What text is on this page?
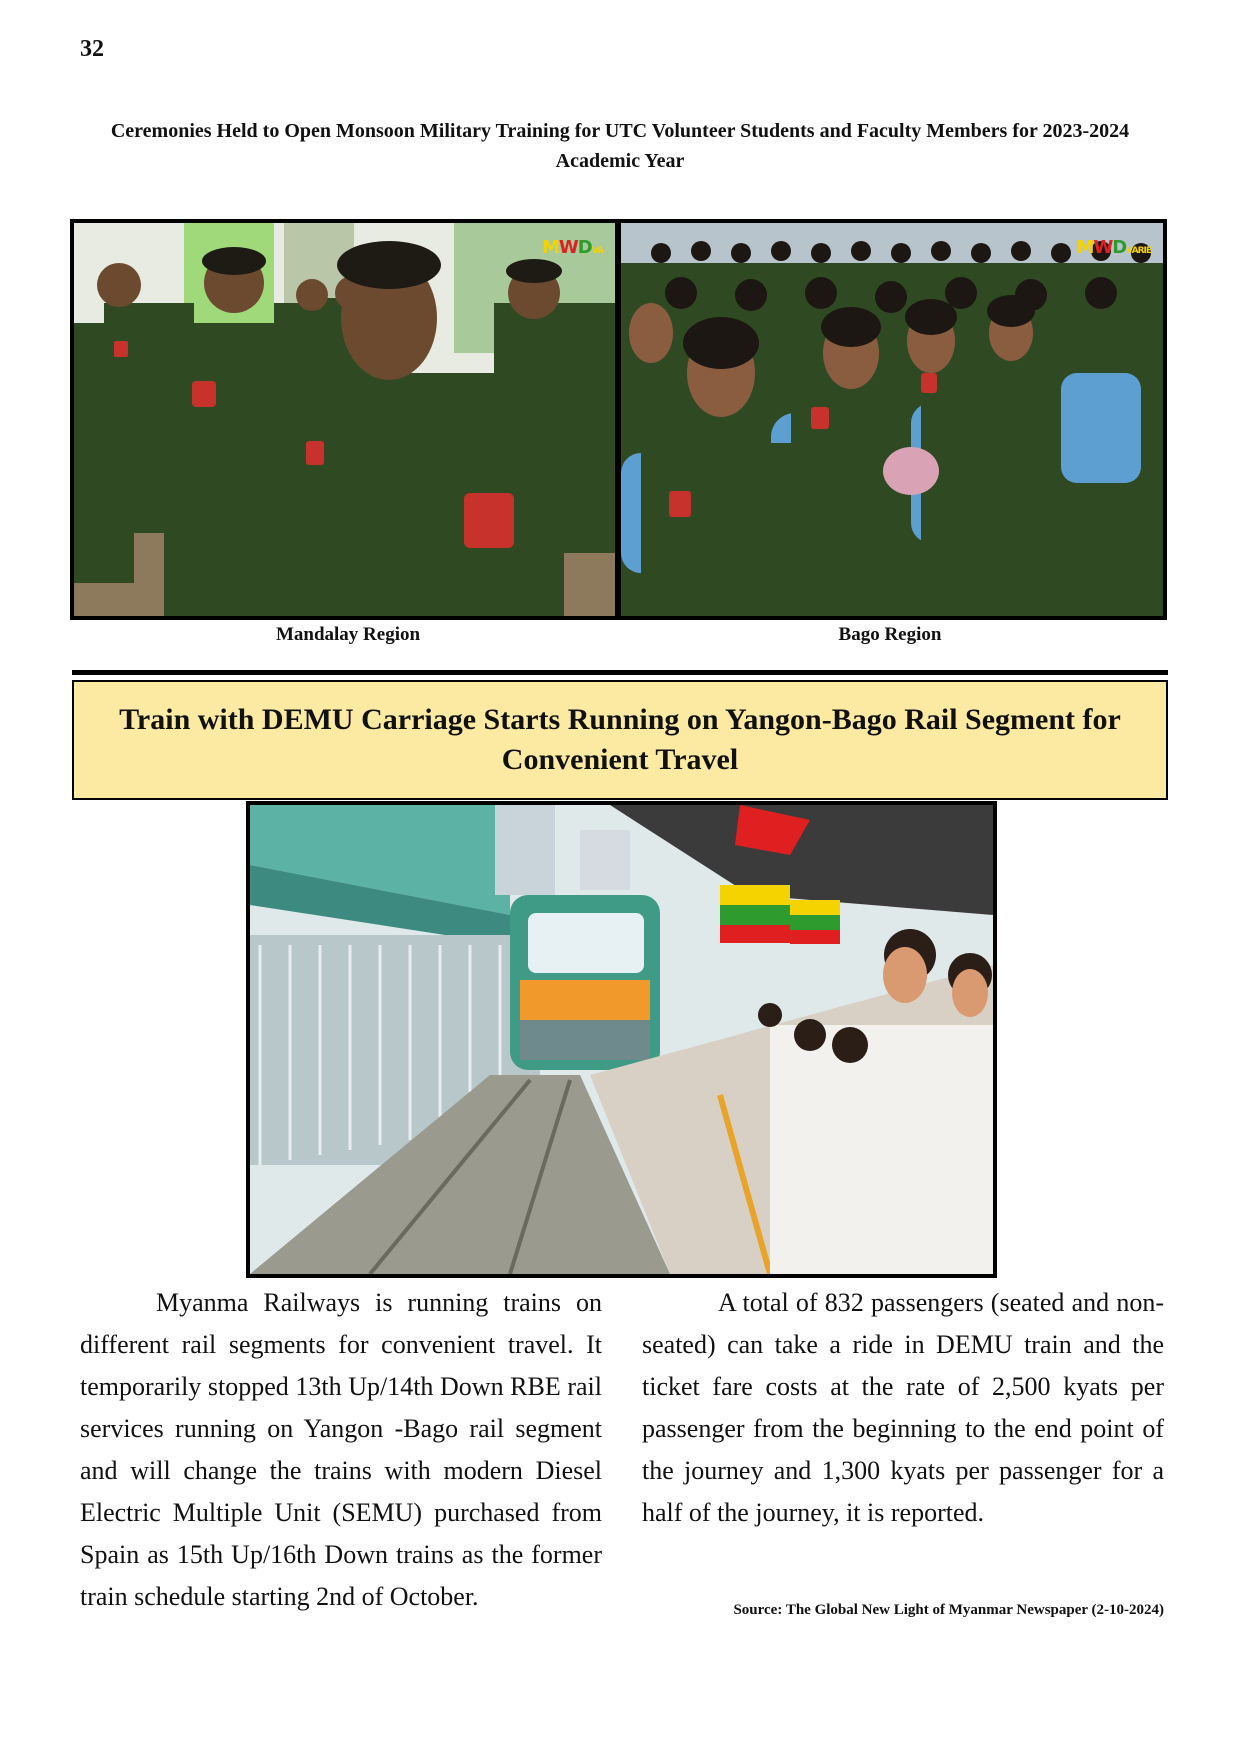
32
Ceremonies Held to Open Monsoon Military Training for UTC Volunteer Students and Faculty Members for 2023-2024 Academic Year
MWDVA	MWDVARIE
Mandalay Region	Bago Region
Train with DEMU Carriage Starts Running on Yangon-Bago Rail Segment for Convenient Travel

Myanma Railways is running trains on different rail segments for convenient travel. It temporarily stopped 13th Up/14th Down RBE rail services running on Yangon -Bago rail segment and will change the trains with modern Diesel Electric Multiple Unit (SEMU) purchased from Spain as 15th Up/16th Down trains as the former train schedule starting 2nd of October.

A total of 832 passengers (seated and non-seated) can take a ride in DEMU train and the ticket fare costs at the rate of 2,500 kyats per passenger from the beginning to the end point of the journey and 1,300 kyats per passenger for a half of the journey, it is reported.

Source: The Global New Light of Myanmar Newspaper (2-10-2024)
